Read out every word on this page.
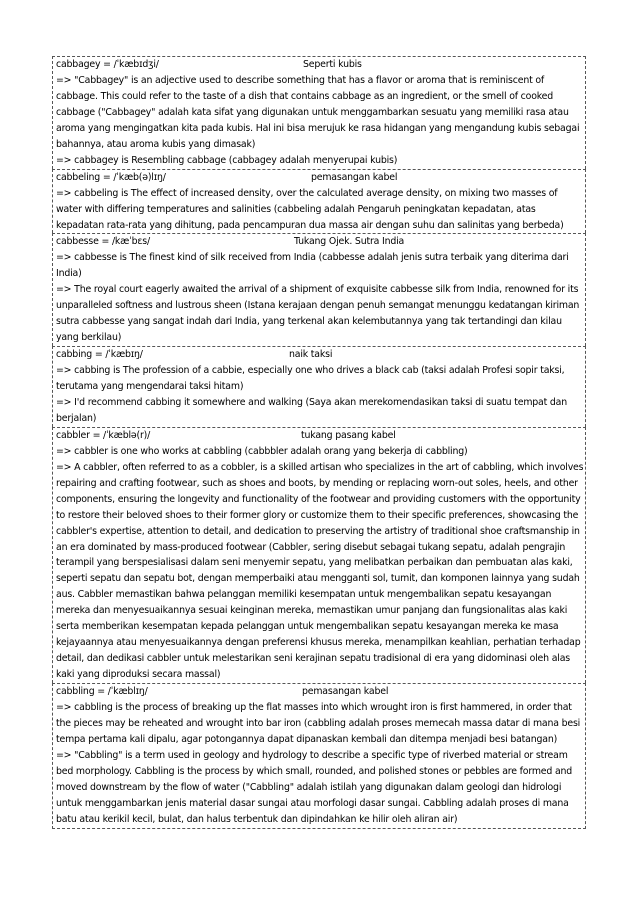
cabbagey = /ˈkæbɪdʒi/	Seperti kubis

=> "Cabbagey" is an adjective used to describe something that has a flavor or aroma that is reminiscent of cabbage. This could refer to the taste of a dish that contains cabbage as an ingredient, or the smell of cooked cabbage ("Cabbagey" adalah kata sifat yang digunakan untuk menggambarkan sesuatu yang memiliki rasa atau aroma yang mengingatkan kita pada kubis. Hal ini bisa merujuk ke rasa hidangan yang mengandung kubis sebagai bahannya, atau aroma kubis yang dimasak)

=> cabbagey is Resembling cabbage (cabbagey adalah menyerupai kubis)

cabbeling = /ˈkæb(ə)lɪŋ/	pemasangan kabel

=> cabbeling is The effect of increased density, over the calculated average density, on mixing two masses of water with differing temperatures and salinities (cabbeling adalah Pengaruh peningkatan kepadatan, atas kepadatan rata-rata yang dihitung, pada pencampuran dua massa air dengan suhu dan salinitas yang berbeda)

cabbesse = /kæˈbɛs/	Tukang Ojek. Sutra India

=> cabbesse is The finest kind of silk received from India (cabbesse adalah jenis sutra terbaik yang diterima dari India)

=> The royal court eagerly awaited the arrival of a shipment of exquisite cabbesse silk from India, renowned for its unparalleled softness and lustrous sheen (Istana kerajaan dengan penuh semangat menunggu kedatangan kiriman sutra cabbesse yang sangat indah dari India, yang terkenal akan kelembutannya yang tak tertandingi dan kilau yang berkilau)

cabbing = /ˈkæbɪŋ/	naik taksi

=> cabbing is The profession of a cabbie, especially one who drives a black cab (taksi adalah Profesi sopir taksi, terutama yang mengendarai taksi hitam)

=> I'd recommend cabbing it somewhere and walking (Saya akan merekomendasikan taksi di suatu tempat dan berjalan)

cabbler = /ˈkæblə(r)/	tukang pasang kabel

=> cabbler is one who works at cabbling (cabbbler adalah orang yang bekerja di cabbling)

=> A cabbler, often referred to as a cobbler, is a skilled artisan who specializes in the art of cabbling, which involves repairing and crafting footwear, such as shoes and boots, by mending or replacing worn-out soles, heels, and other components, ensuring the longevity and functionality of the footwear and providing customers with the opportunity to restore their beloved shoes to their former glory or customize them to their specific preferences, showcasing the cabbler's expertise, attention to detail, and dedication to preserving the artistry of traditional shoe craftsmanship in an era dominated by mass-produced footwear (Cabbler, sering disebut sebagai tukang sepatu, adalah pengrajin terampil yang berspesialisasi dalam seni menyemir sepatu, yang melibatkan perbaikan dan pembuatan alas kaki, seperti sepatu dan sepatu bot, dengan memperbaiki atau mengganti sol, tumit, dan komponen lainnya yang sudah aus. Cabbler memastikan bahwa pelanggan memiliki kesempatan untuk mengembalikan sepatu kesayangan mereka dan menyesuaikannya sesuai keinginan mereka, memastikan umur panjang dan fungsionalitas alas kaki serta memberikan kesempatan kepada pelanggan untuk mengembalikan sepatu kesayangan mereka ke masa kejayaannya atau menyesuaikannya dengan preferensi khusus mereka, menampilkan keahlian, perhatian terhadap detail, dan dedikasi cabbler untuk melestarikan seni kerajinan sepatu tradisional di era yang didominasi oleh alas kaki yang diproduksi secara massal)

cabbling = /ˈkæblɪŋ/	pemasangan kabel

=> cabbling is the process of breaking up the flat masses into which wrought iron is first hammered, in order that the pieces may be reheated and wrought into bar iron (cabbling adalah proses memecah massa datar di mana besi tempa pertama kali dipalu, agar potongannya dapat dipanaskan kembali dan ditempa menjadi besi batangan)

=> "Cabbling" is a term used in geology and hydrology to describe a specific type of riverbed material or stream bed morphology. Cabbling is the process by which small, rounded, and polished stones or pebbles are formed and moved downstream by the flow of water ("Cabbling" adalah istilah yang digunakan dalam geologi dan hidrologi untuk menggambarkan jenis material dasar sungai atau morfologi dasar sungai. Cabbling adalah proses di mana batu atau kerikil kecil, bulat, dan halus terbentuk dan dipindahkan ke hilir oleh aliran air)
